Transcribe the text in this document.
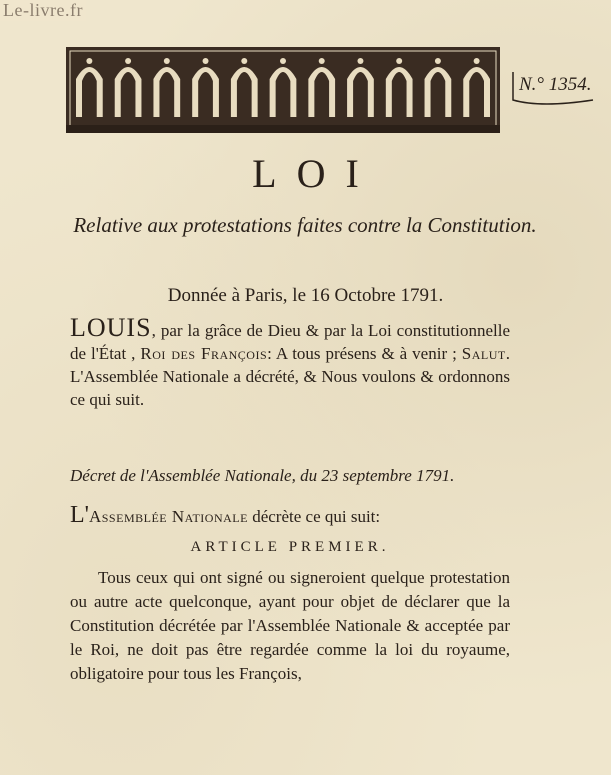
Le-livre.fr
N.° 1354.
LOI
Relative aux protestations faites contre la Constitution.
Donnée à Paris, le 16 Octobre 1791.
LOUIS, par la grâce de Dieu & par la Loi constitutionnelle de l'État , Roi des François: A tous présens & à venir ; Salut. L'Assemblée Nationale a décrété, & Nous voulons & ordonnons ce qui suit.
Décret de l'Assemblée Nationale, du 23 septembre 1791.
L'Assemblée Nationale décrète ce qui suit:
ARTICLE PREMIER.
Tous ceux qui ont signé ou signeroient quelque protestation ou autre acte quelconque, ayant pour objet de déclarer que la Constitution décrétée par l'Assemblée Nationale & acceptée par le Roi, ne doit pas être regardée comme la loi du royaume, obligatoire pour tous les François,
